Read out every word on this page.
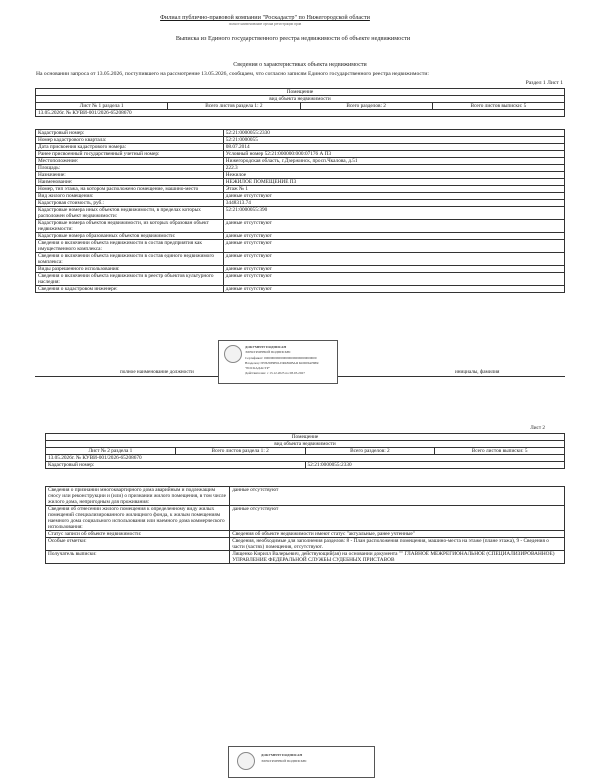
Филиал публично-правовой компании "Роскадастр" по Нижегородской области
полное наименование органа регистрации прав
Выписка из Единого государственного реестра недвижимости об объекте недвижимости
Сведения о характеристиках объекта недвижимости
На основании запроса от 13.05.2026, поступившего на рассмотрение 13.05.2026, сообщаем, что согласно записям Единого государственного реестра недвижимости:
Раздел 1 Лист 1
Помещение
вид объекта недвижимости
Лист № 1 раздела 1	Всего листов раздела 1: 2	Всего разделов: 2	Всего листов выписки: 5
13.05.2026г. № КУВИ-001/2026-65208670
Кадастровый номер:	52:21:0000055:2330
Номер кадастрового квартала:	52:21:0000055
Дата присвоения кадастрового номера:	08.07.2014
Ранее присвоенный государственный учетный номер:	Условный номер 52:21:000000:000:07176 А П3
Местоположение:	Нижегородская область, г.Дзержинск, просп.Чкалова, д.51
Площадь:	222.3
Назначение:	Нежилое
Наименование:	НЕЖИЛОЕ ПОМЕЩЕНИЕ П3
Номер, тип этажа, на котором расположено помещение, машино-место	Этаж № 1
Вид жилого помещения:	данные отсутствуют
Кадастровая стоимость, руб.:	3448313.74
Кадастровые номера иных объектов недвижимости, в пределах которых расположен объект недвижимости:	52:21:0000055:390
Кадастровые номера объектов недвижимости, из которых образован объект недвижимости:	данные отсутствуют
Кадастровые номера образованных объектов недвижимости:	данные отсутствуют
Сведения о включении объекта недвижимости в состав предприятия как имущественного комплекса:	данные отсутствуют
Сведения о включении объекта недвижимости в состав единого недвижимого комплекса:	данные отсутствуют
Виды разрешенного использования:	данные отсутствуют
Сведения о включении объекта недвижимости в реестр объектов культурного наследия:	данные отсутствуют
Сведения о кадастровом инженере:	данные отсутствуют
полное наименование должности	инициалы, фамилия
ДОКУМЕНТ ПОДПИСАН
ЭЛЕКТРОННОЙ ПОДПИСЬЮ
Сертификат: 0000000000000000000000000000000
Владелец: ПУБЛИЧНО-ПРАВОВАЯ КОМПАНИЯ
"РОСКАДАСТР"
Действителен: с 13.12.2025 по 08.03.2027
Лист 2
Помещение			
вид объекта недвижимости			
Лист № 2 раздела 1	Всего листов раздела 1: 2	Всего разделов: 2	Всего листов выписки: 5
13.05.2026г. № КУВИ-001/2026-65208670			
Кадастровый номер:		52:21:0000055:2330	
Сведения о признании многоквартирного дома аварийным и подлежащим сносу или реконструкции и (или) о признании жилого помещения, в том числе жилого дома, непригодным для проживания:	данные отсутствуют
Сведения об отнесении жилого помещения к определенному виду жилых помещений специализированного жилищного фонда, к жилым помещениям наемного дома социального использования или наемного дома коммерческого использования:	данные отсутствуют
Статус записи об объекте недвижимости:	Сведения об объекте недвижимости имеют статус "актуальные, ранее учтенные"
Особые отметки:	Сведения, необходимые для заполнения разделов: 8 - План расположения помещения, машино-места на этаже (плане этажа), 9 - Сведения о части (частях) помещения, отсутствуют.
Получатель выписки:	Лященко Кирилл Валерьевич, действующий(ая) на основании документа "" ГЛАВНОЕ МЕЖРЕГИОНАЛЬНОЕ (СПЕЦИАЛИЗИРОВАННОЕ) УПРАВЛЕНИЕ ФЕДЕРАЛЬНОЙ СЛУЖБЫ СУДЕБНЫХ ПРИСТАВОВ
ДОКУМЕНТ ПОДПИСАН
ЭЛЕКТРОННОЙ ПОДПИСЬЮ
